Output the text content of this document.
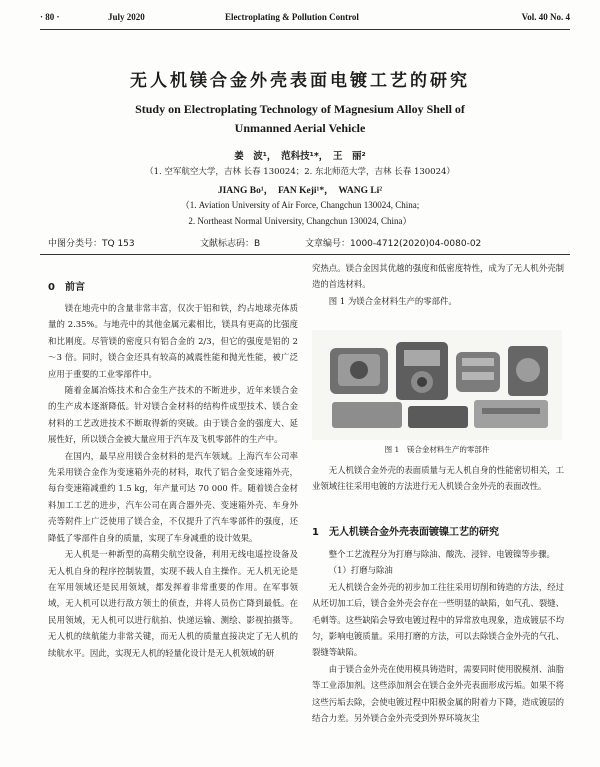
· 80 ·	July 2020	Electroplating & Pollution Control	Vol. 40 No. 4
无人机镁合金外壳表面电镀工艺的研究
Study on Electroplating Technology of Magnesium Alloy Shell of
Unmanned Aerial Vehicle
姜　波¹，　范科技¹*，　王　丽²
（1. 空军航空大学，吉林 长春 130024；2. 东北师范大学，吉林 长春 130024）
JIANG Bo¹，　FAN Keji¹*，　WANG Li²
（1. Aviation University of Air Force, Changchun 130024, China;
2. Northeast Normal University, Changchun 130024, China）
中图分类号：TQ 153	文献标志码：B	文章编号：1000-4712(2020)04-0080-02
0　前言

镁在地壳中的含量非常丰富，仅次于铝和铁，约占地球壳体质量的 2.35%。与地壳中的其他金属元素相比，镁具有更高的比强度和比刚度。尽管镁的密度只有铝合金的 2/3，但它的强度是铝的 2～3 倍。同时，镁合金还具有较高的减震性能和抛光性能，被广泛应用于重要的工业零部件中。

随着金属冶炼技术和合金生产技术的不断进步，近年来镁合金的生产成本逐渐降低。针对镁合金材料的结构件成型技术、镁合金材料的工艺改进技术不断取得新的突破。由于镁合金的强度大、延展性好，所以镁合金被大量应用于汽车及飞机零部件的生产中。

在国内，最早应用镁合金材料的是汽车领域。上海汽车公司率先采用镁合金作为变速箱外壳的材料，取代了铝合金变速箱外壳，每台变速箱减重约 1.5 kg，年产量可达 70 000 件。随着镁合金材料加工工艺的进步，汽车公司在离合器外壳、变速箱外壳、车身外壳等附件上广泛使用了镁合金，不仅提升了汽车零部件的强度，还降低了零部件自身的质量，实现了车身减重的设计效果。

无人机是一种新型的高精尖航空设备，利用无线电遥控设备及无人机自身的程序控制装置，实现不载人自主操作。无人机无论是在军用领域还是民用领域，都发挥着非常重要的作用。在军事领域，无人机可以进行敌方领土的侦查，并将人员伤亡降到最低。在民用领域，无人机可以进行航拍、快递运输、测绘、影视拍摄等。无人机的续航能力非常关键，而无人机的质量直接决定了无人机的续航水平。因此，实现无人机的轻量化设计是无人机领域的研

究热点。镁合金因其优越的强度和低密度特性，成为了无人机外壳制造的首选材料。

图 1 为镁合金材料生产的零部件。

图 1　镁合金材料生产的零部件

无人机镁合金外壳的表面质量与无人机自身的性能密切相关，工业领域往往采用电镀的方法进行无人机镁合金外壳的表面改性。

1　无人机镁合金外壳表面镀镍工艺的研究

整个工艺流程分为打磨与除油、酸洗、浸锌、电镀镍等步骤。

（1）打磨与除油

无人机镁合金外壳的初步加工往往采用切削和铸造的方法，经过从坯切加工后，镁合金外壳会存在一些明显的缺陷，如气孔、裂缝、毛刺等。这些缺陷会导致电镀过程中的异常放电现象，造成镀层不均匀，影响电镀质量。采用打磨的方法，可以去除镁合金外壳的气孔、裂缝等缺陷。

由于镁合金外壳在使用模具铸造时，需要同时使用脱模剂、油脂等工业添加剂。这些添加剂会在镁合金外壳表面形成污垢。如果不将这些污垢去除，会使电镀过程中阳极金属的附着力下降，造成镀层的结合力差。另外镁合金外壳受到外界环境灰尘
